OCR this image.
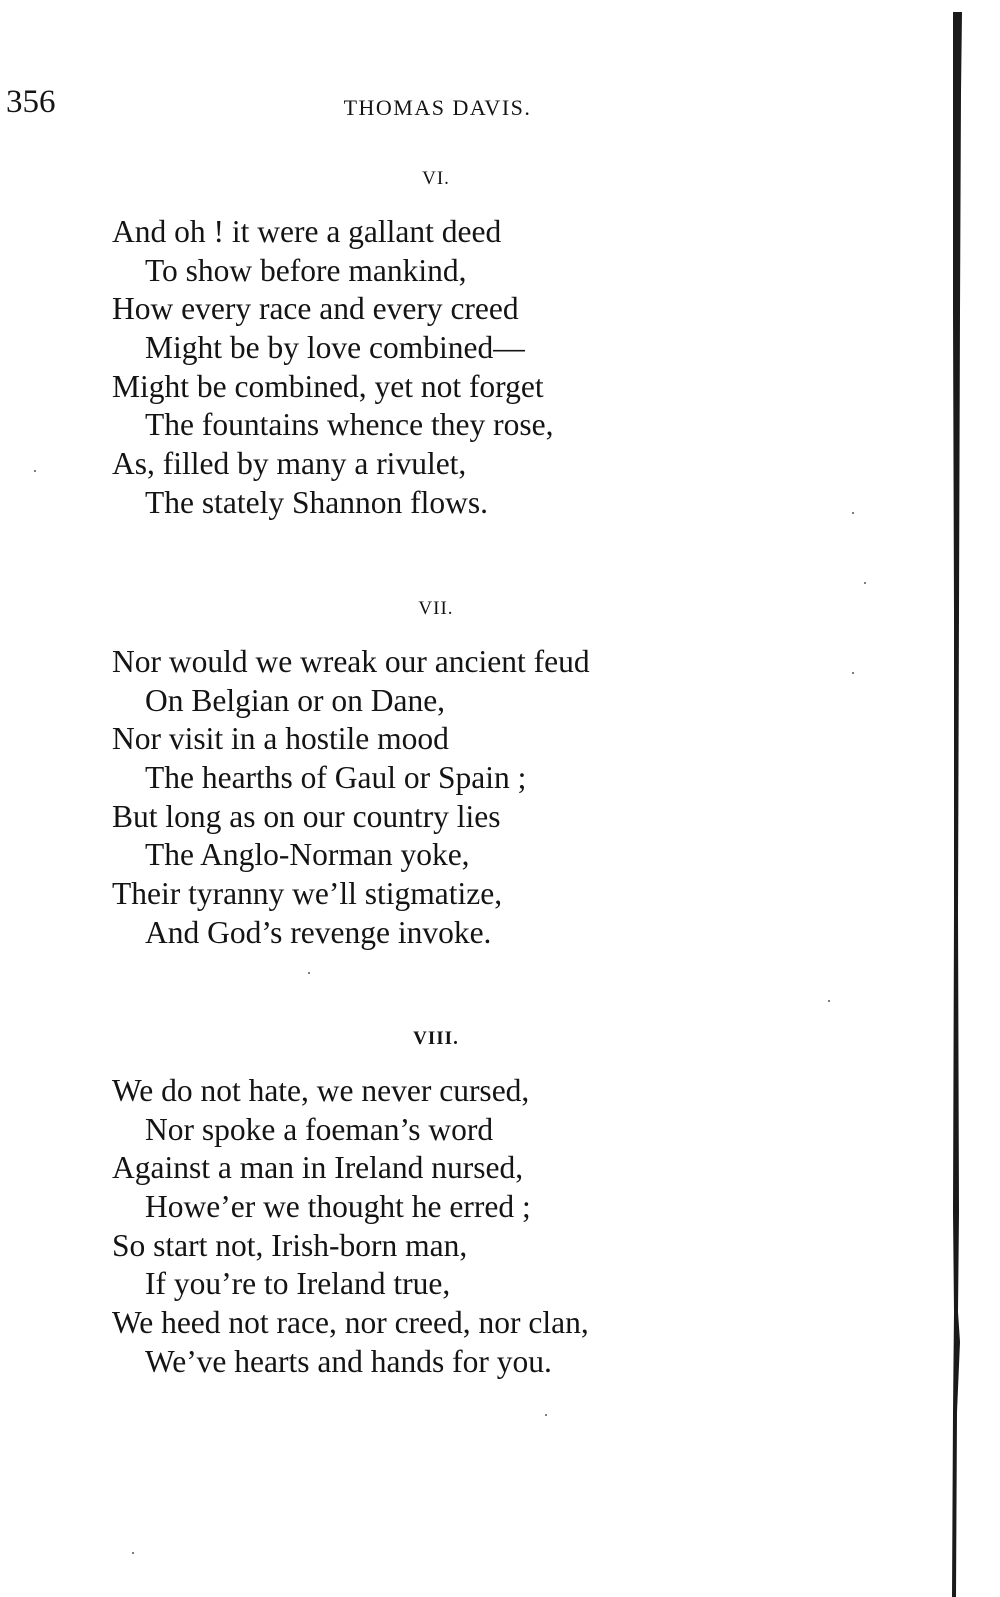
356	THOMAS DAVIS.
VI.
And oh ! it were a gallant deed
To show before mankind,
How every race and every creed
Might be by love combined—
Might be combined, yet not forget
The fountains whence they rose,
As, filled by many a rivulet,
The stately Shannon flows.
VII.
Nor would we wreak our ancient feud
On Belgian or on Dane,
Nor visit in a hostile mood
The hearths of Gaul or Spain ;
But long as on our country lies
The Anglo-Norman yoke,
Their tyranny we’ll stigmatize,
And God’s revenge invoke.
VIII.
We do not hate, we never cursed,
Nor spoke a foeman’s word
Against a man in Ireland nursed,
Howe’er we thought he erred ;
So start not, Irish-born man,
If you’re to Ireland true,
We heed not race, nor creed, nor clan,
We’ve hearts and hands for you.
